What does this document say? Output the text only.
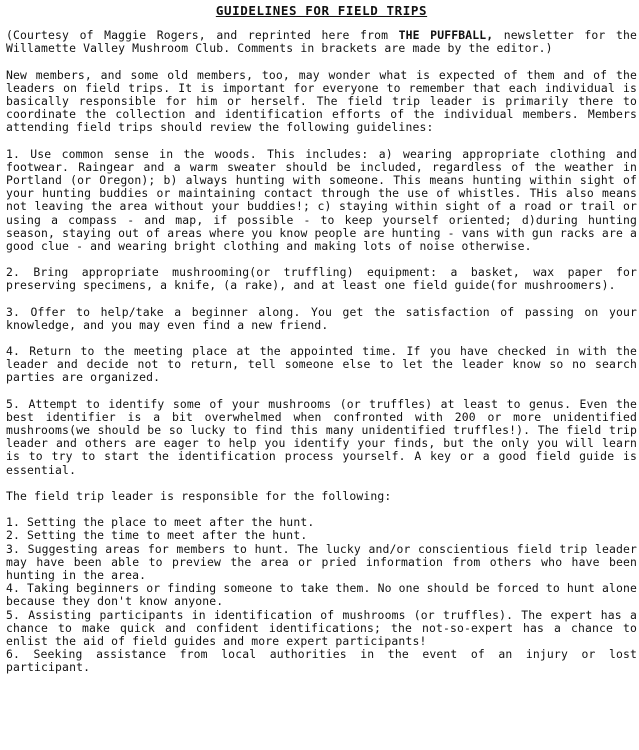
GUIDELINES FOR FIELD TRIPS
(Courtesy of Maggie Rogers, and reprinted here from THE PUFFBALL, newsletter for the Willamette Valley Mushroom Club. Comments in brackets are made by the editor.)
New members, and some old members, too, may wonder what is expected of them and of the leaders on field trips. It is important for everyone to remember that each individual is basically responsible for him or herself. The field trip leader is primarily there to coordinate the collection and identification efforts of the individual members. Members attending field trips should review the following guidelines:
1. Use common sense in the woods. This includes: a) wearing appropriate clothing and footwear. Raingear and a warm sweater should be included, regardless of the weather in Portland (or Oregon); b) always hunting with someone. This means hunting within sight of your hunting buddies or maintaining contact through the use of whistles. THis also means not leaving the area without your buddies!; c) staying within sight of a road or trail or using a compass - and map, if possible - to keep yourself oriented; d)during hunting season, staying out of areas where you know people are hunting - vans with gun racks are a good clue - and wearing bright clothing and making lots of noise otherwise.
2. Bring appropriate mushrooming(or truffling) equipment: a basket, wax paper for preserving specimens, a knife, (a rake), and at least one field guide(for mushroomers).
3. Offer to help/take a beginner along. You get the satisfaction of passing on your knowledge, and you may even find a new friend.
4. Return to the meeting place at the appointed time. If you have checked in with the leader and decide not to return, tell someone else to let the leader know so no search parties are organized.
5. Attempt to identify some of your mushrooms (or truffles) at least to genus. Even the best identifier is a bit overwhelmed when confronted with 200 or more unidentified mushrooms(we should be so lucky to find this many unidentified truffles!). The field trip leader and others are eager to help you identify your finds, but the only you will learn is to try to start the identification process yourself. A key or a good field guide is essential.
The field trip leader is responsible for the following:
1. Setting the place to meet after the hunt.
2. Setting the time to meet after the hunt.
3. Suggesting areas for members to hunt. The lucky and/or conscientious field trip leader may have been able to preview the area or pried information from others who have been hunting in the area.
4. Taking beginners or finding someone to take them. No one should be forced to hunt alone because they don't know anyone.
5. Assisting participants in identification of mushrooms (or truffles). The expert has a chance to make quick and confident identifications; the not-so-expert has a chance to enlist the aid of field guides and more expert participants!
6. Seeking assistance from local authorities in the event of an injury or lost participant.
